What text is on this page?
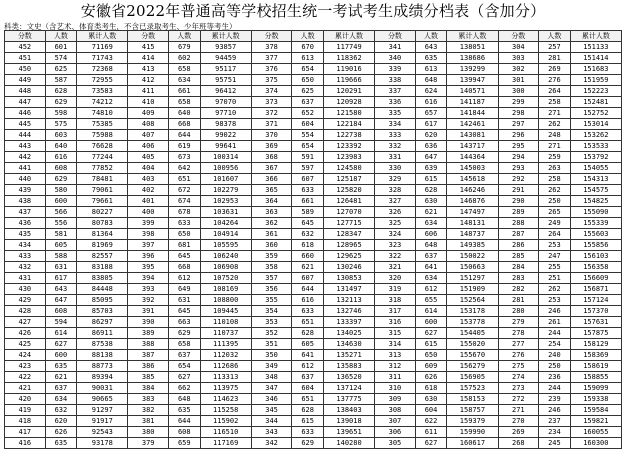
安徽省2022年普通高等学校招生统一考试考生成绩分档表（含加分）
科类：文史（含艺术、体育类考生，不含已录取考生、少年班等考生）
分数	人数	累计人数	分数	人数	累计人数	分数	人数	累计人数	分数	人数	累计人数	分数	人数	累计人数
452	601	71169	415	679	93857	378	670	117749	341	643	138051	304	257	151133
451	574	71743	414	602	94459	377	613	118362	340	635	138686	303	281	151414
450	625	72368	413	658	95117	376	654	119016	339	613	139299	302	269	151683
449	587	72955	412	634	95751	375	650	119666	338	648	139947	301	276	151959
448	628	73583	411	661	96412	374	625	120291	337	624	140571	300	264	152223
447	629	74212	410	658	97070	373	637	120928	336	616	141187	299	258	152481
446	598	74810	409	640	97710	372	652	121580	335	657	141844	298	271	152752
445	575	75385	408	668	98378	371	604	122184	334	617	142461	297	262	153014
444	603	75988	407	644	99022	370	554	122738	333	620	143081	296	248	153262
443	640	76628	406	619	99641	369	654	123392	332	636	143717	295	271	153533
442	616	77244	405	673	100314	368	591	123983	331	647	144364	294	259	153792
441	608	77852	404	642	100956	367	597	124580	330	639	145003	293	263	154055
440	629	78481	403	651	101607	366	607	125187	329	615	145618	292	258	154313
439	580	79061	402	672	102279	365	633	125820	328	628	146246	291	262	154575
438	600	79661	401	674	102953	364	661	126481	327	630	146876	290	250	154825
437	566	80227	400	678	103631	363	589	127070	326	621	147497	289	265	155090
436	556	80783	399	633	104264	362	645	127715	325	634	148131	288	249	155339
435	581	81364	398	650	104914	361	632	128347	324	606	148737	287	264	155603
434	605	81969	397	681	105595	360	618	128965	323	648	149385	286	253	155856
433	588	82557	396	645	106240	359	660	129625	322	637	150022	285	247	156103
432	631	83188	395	668	106908	358	621	130246	321	641	150663	284	255	156358
431	617	83805	394	612	107520	357	607	130853	320	634	151297	283	251	156609
430	643	84448	393	649	108169	356	644	131497	319	612	151909	282	262	156871
429	647	85095	392	631	108800	355	616	132113	318	655	152564	281	253	157124
428	608	85703	391	645	109445	354	633	132746	317	614	153178	280	246	157370
427	594	86297	390	663	110108	353	651	133397	316	600	153778	279	261	157631
426	614	86911	389	629	110737	352	628	134025	315	627	154405	278	244	157875
425	627	87538	388	658	111395	351	605	134630	314	615	155020	277	254	158129
424	600	88138	387	637	112032	350	641	135271	313	650	155670	276	240	158369
423	635	88773	386	654	112686	349	612	135883	312	609	156279	275	250	158619
422	621	89394	385	627	113313	348	637	136520	311	626	156905	274	236	158855
421	637	90031	384	662	113975	347	604	137124	310	618	157523	273	244	159099
420	634	90665	383	648	114623	346	651	137775	309	630	158153	272	239	159338
419	632	91297	382	635	115258	345	628	138403	308	604	158757	271	246	159584
418	620	91917	381	644	115902	344	615	139018	307	622	159379	270	237	159821
417	626	92543	380	608	116510	343	633	139651	306	611	159990	269	234	160055
416	635	93178	379	659	117169	342	629	140280	305	627	160617	268	245	160300
